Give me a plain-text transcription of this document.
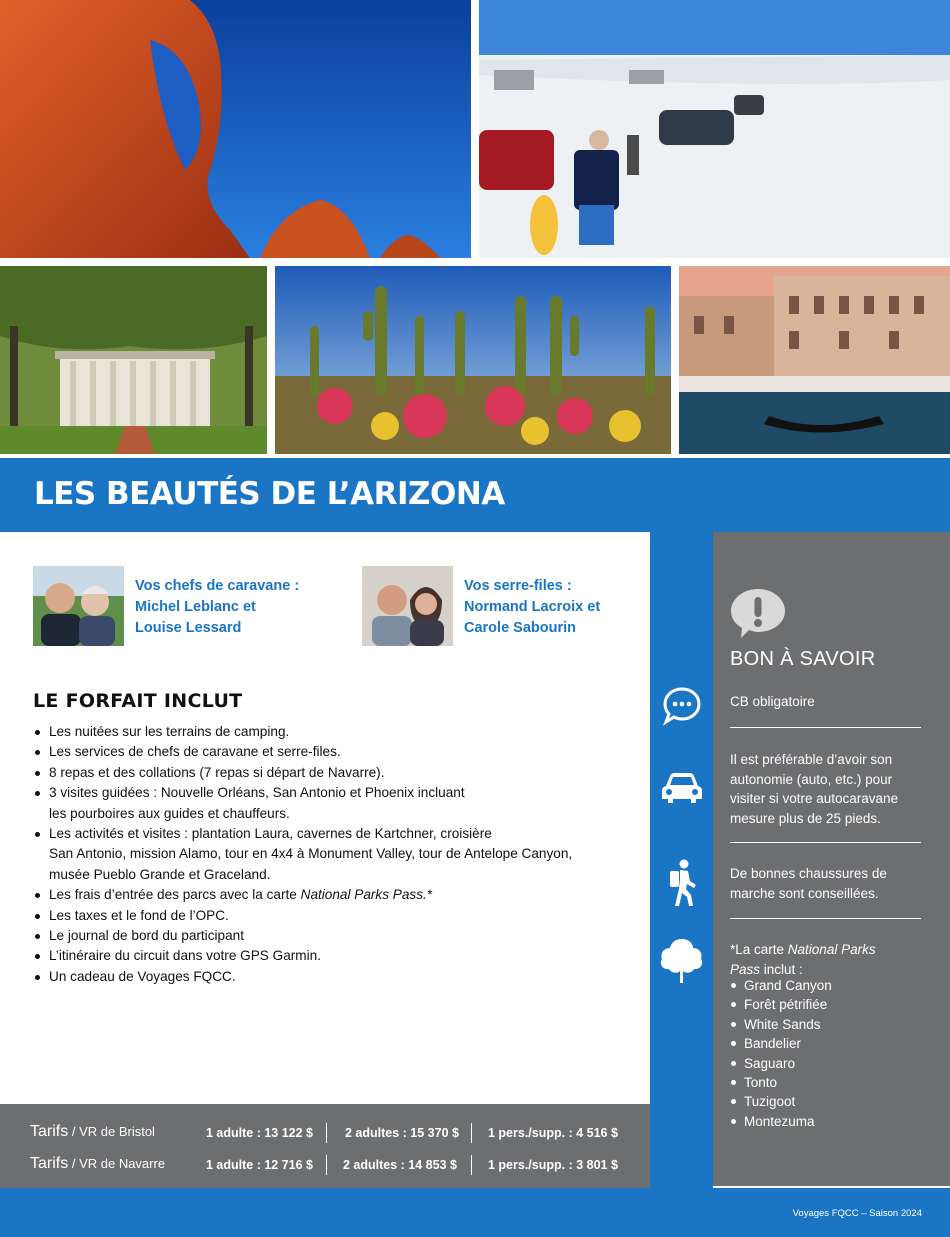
LES BEAUTÉS DE L’ARIZONA
Vos chefs de caravane :
Michel Leblanc et
Louise Lessard
Vos serre-files :
Normand Lacroix et
Carole Sabourin
LE FORFAIT INCLUT
Les nuitées sur les terrains de camping.
Les services de chefs de caravane et serre-files.
8 repas et des collations (7 repas si départ de Navarre).
3 visites guidées : Nouvelle Orléans, San Antonio et Phoenix incluant
les pourboires aux guides et chauffeurs.
Les activités et visites : plantation Laura, cavernes de Kartchner, croisière
San Antonio, mission Alamo, tour en 4x4 à Monument Valley, tour de Antelope Canyon,
musée Pueblo Grande et Graceland.
Les frais d’entrée des parcs avec la carte National Parks Pass.*
Les taxes et le fond de l’OPC.
Le journal de bord du participant
L’itinéraire du circuit dans votre GPS Garmin.
Un cadeau de Voyages FQCC.
Tarifs / VR de Bristol	1 adulte : 13 122 $	2 adultes : 15 370 $ 1 pers./supp. : 4 516 $
Tarifs / VR de Navarre	1 adulte : 12 716 $ 2 adultes : 14 853 $ 1 pers./supp. : 3 801 $
BON À SAVOIR
CB obligatoire
Il est préférable d’avoir son autonomie (auto, etc.) pour visiter si votre autocaravane mesure plus de 25 pieds.
De bonnes chaussures de marche sont conseillées.
*La carte National Parks Pass inclut :
Grand Canyon
Forêt pétrifiée
White Sands
Bandelier
Saguaro
Tonto
Tuzigoot
Montezuma
Voyages FQCC – Saison 2024
